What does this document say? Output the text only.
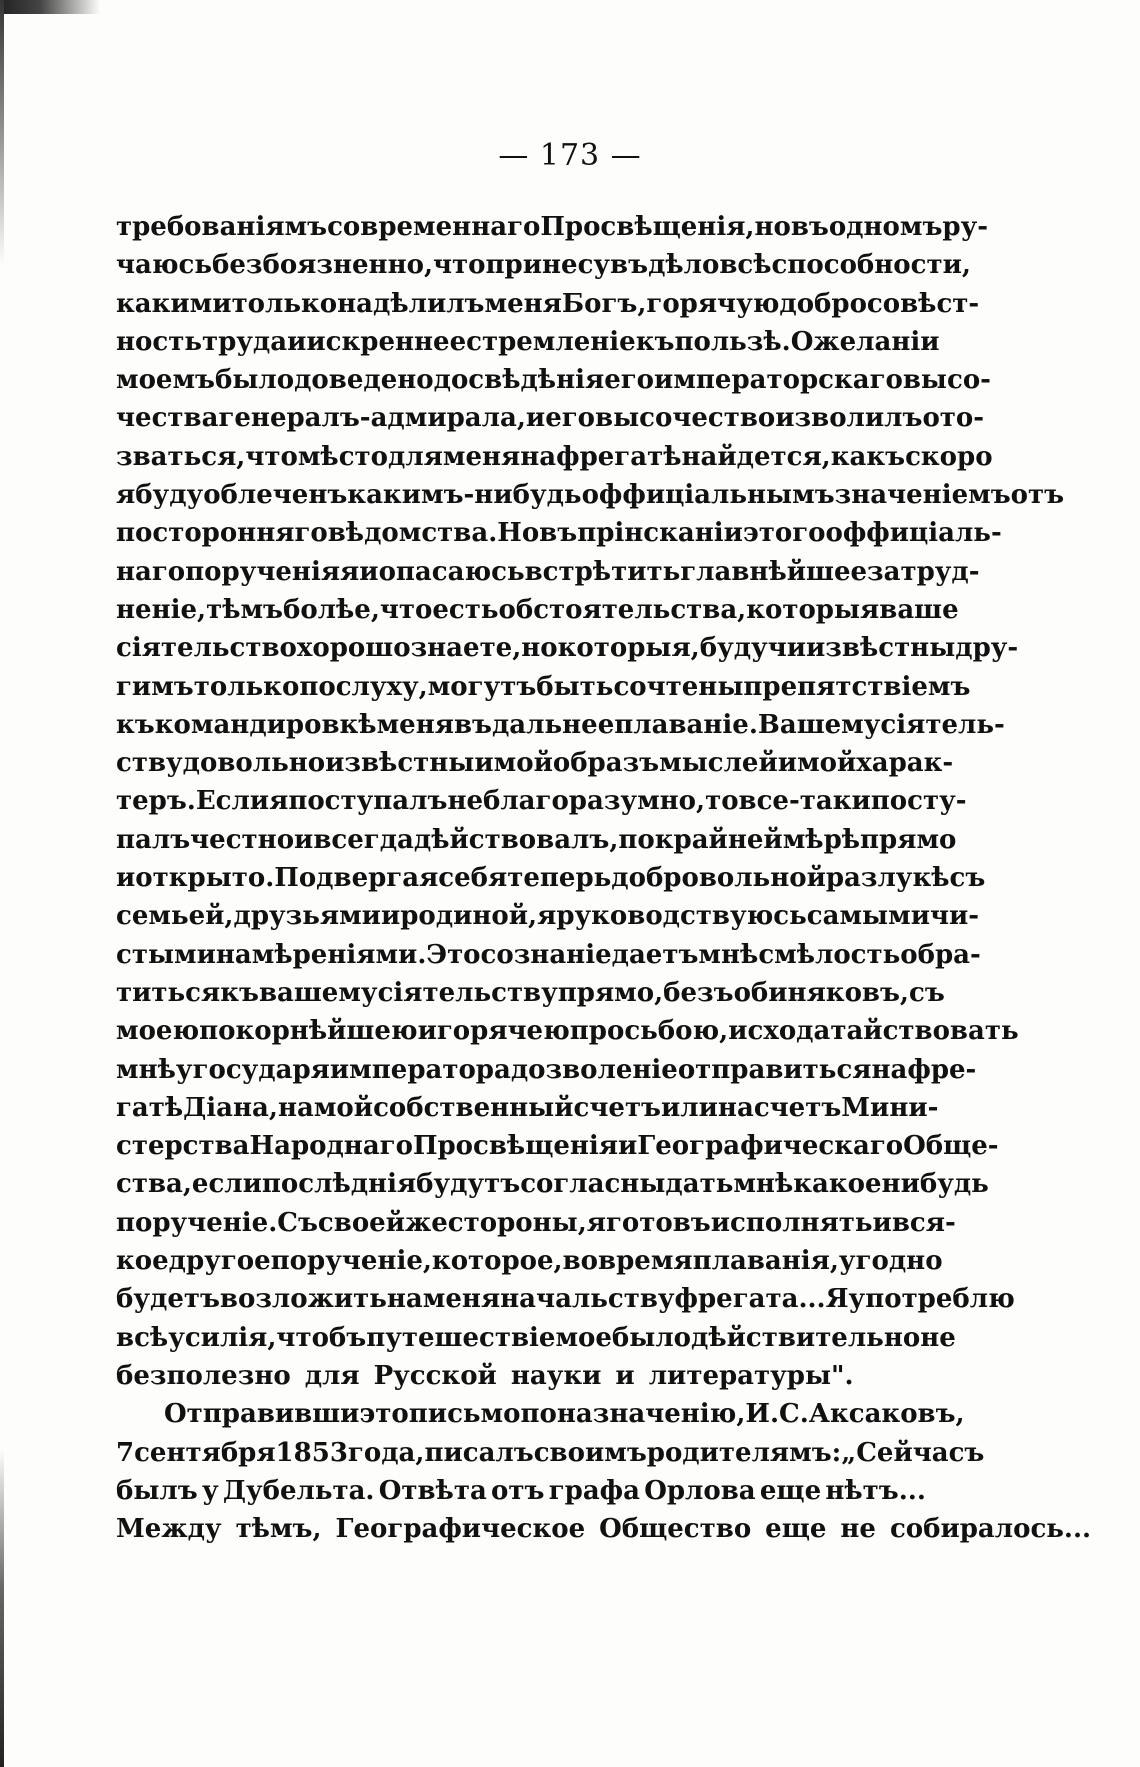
— 173 —
требованіямъ современнаго Просвѣщенія, но въ одномъ ру-
чаюсь безбоязненно, что принесу въ дѣло всѣ способности,
какими только надѣлилъ меня Богъ, горячую добросовѣст-
ность труда и искреннее стремленіе къ пользѣ. О желаніи
моемъ было доведено до свѣдѣнія его императорскаго высо-
чества генералъ-адмирала, и его высочество изволилъ ото-
зваться, что мѣсто для меня на фрегатѣ найдется, какъ скоро
я буду облеченъ какимъ-нибудь оффиціальнымъ значеніемъ отъ
посторонняго вѣдомства. Но въ прінсканіи этого оффиціаль-
наго порученія я и опасаюсь встрѣтить главнѣйшее затруд-
неніе, тѣмъ болѣе, что есть обстоятельства, которыя ваше
сіятельство хорошо знаете, но которыя, будучи извѣстны дру-
гимъ только по слуху, могутъ быть сочтены препятствіемъ
къ командировкѣ меня въ дальнее плаваніе. Вашему сіятель-
ству довольно извѣстны и мой образъ мыслей и мой харак-
теръ. Если я поступалъ неблагоразумно, то все-таки посту-
палъ честно и всегда дѣйствовалъ, по крайней мѣрѣ прямо
и открыто. Подвергая себя теперь добровольной разлукѣ съ
семьей, друзьями и родиной, я руководствуюсь самыми чи-
стыми намѣреніями. Это сознаніе даетъ мнѣ смѣлость обра-
титься къ вашему сіятельству прямо, безъ обиняковъ, съ
моею покорнѣйшею и горячею просьбою, исходатайствовать
мнѣ у государя императора дозволеніе отправиться на фре-
гатѣ Діана, на мой собственный счетъ или на счетъ Мини-
стерства Народнаго Просвѣщенія и Географическаго Обще-
ства, если послѣднія будутъ согласны дать мнѣ какое нибудь
порученіе. Съ своей же стороны, я готовъ исполнять и вся-
кое другое порученіе, которое, во время плаванія, угодно
будетъ возложить на меня начальству фрегата... Я употреблю
всѣ усилія, чтобъ путешествіе мое было дѣйствительно не
безполезно для Русской науки и литературы".
Отправивши это письмо по назначенію, И. С. Аксаковъ,
7 сентября 1853 года, писалъ своимъ родителямъ: „Сейчасъ
былъ у Дубельта. Отвѣта отъ графа Орлова еще нѣтъ...
Между тѣмъ, Географическое Общество еще не собиралось...
